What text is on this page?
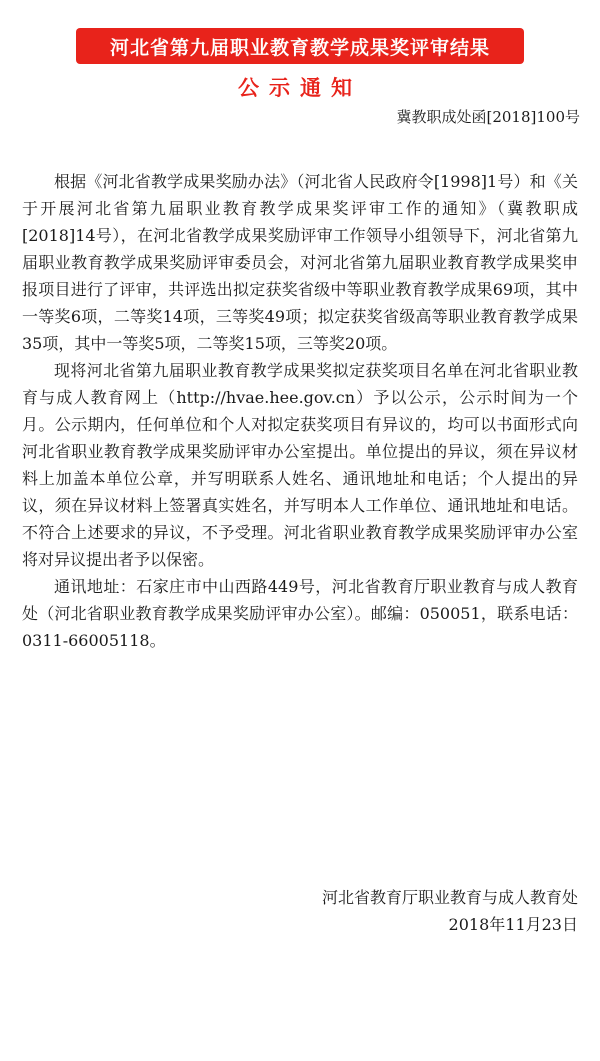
河北省第九届职业教育教学成果奖评审结果
公示通知
冀教职成处函[2018]100号

根据《河北省教学成果奖励办法》（河北省人民政府令[1998]1号）和《关于开展河北省第九届职业教育教学成果奖评审工作的通知》（冀教职成[2018]14号），在河北省教学成果奖励评审工作领导小组领导下，河北省第九届职业教育教学成果奖励评审委员会，对河北省第九届职业教育教学成果奖申报项目进行了评审，共评选出拟定获奖省级中等职业教育教学成果69项，其中一等奖6项，二等奖14项，三等奖49项；拟定获奖省级高等职业教育教学成果35项，其中一等奖5项，二等奖15项，三等奖20项。

现将河北省第九届职业教育教学成果奖拟定获奖项目名单在河北省职业教育与成人教育网上（http://hvae.hee.gov.cn）予以公示，公示时间为一个月。公示期内，任何单位和个人对拟定获奖项目有异议的，均可以书面形式向河北省职业教育教学成果奖励评审办公室提出。单位提出的异议，须在异议材料上加盖本单位公章，并写明联系人姓名、通讯地址和电话；个人提出的异议，须在异议材料上签署真实姓名，并写明本人工作单位、通讯地址和电话。不符合上述要求的异议，不予受理。河北省职业教育教学成果奖励评审办公室将对异议提出者予以保密。

通讯地址：石家庄市中山西路449号，河北省教育厅职业教育与成人教育处（河北省职业教育教学成果奖励评审办公室）。邮编：050051，联系电话：0311-66005118。

河北省教育厅职业教育与成人教育处
2018年11月23日
